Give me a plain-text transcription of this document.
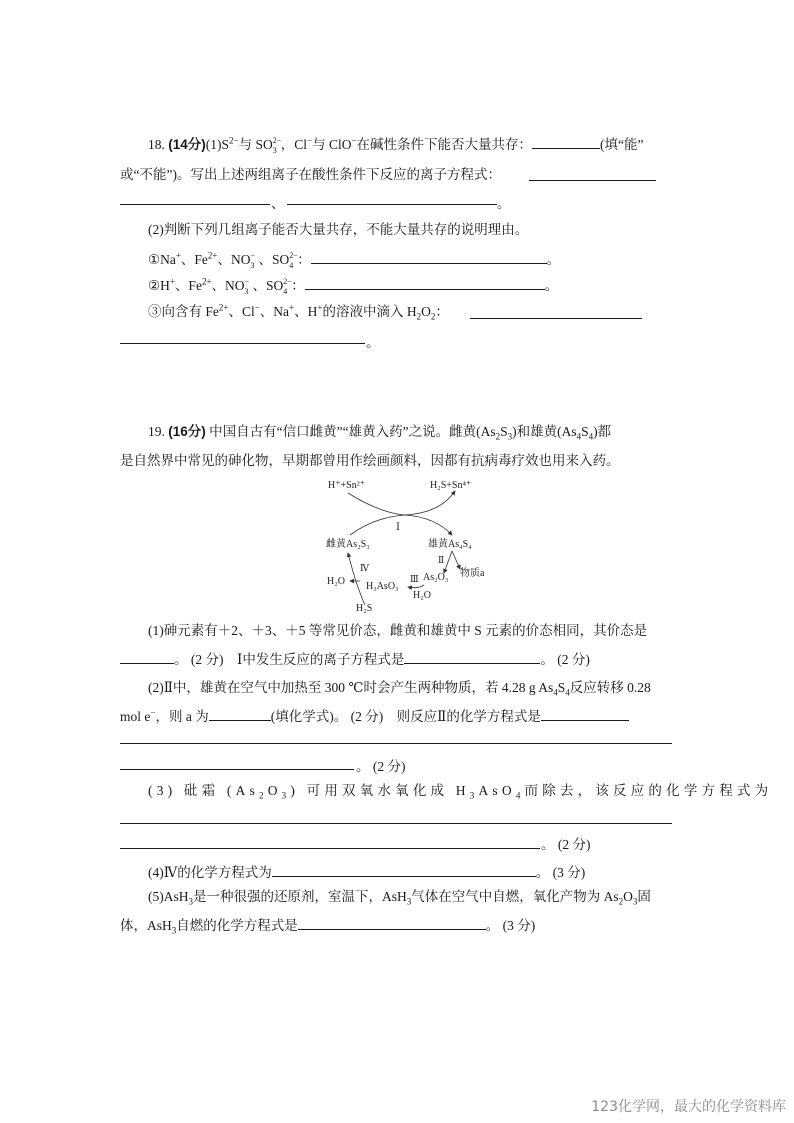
18. (14分)$(1)S^{2-}$与 SO 2−
3 ，Cl−与 ClO−在碱性条件下能否大量共存：	(填“能”
或“不能”)。写出上述两组离子在酸性条件下反应的离子方程式：
、	。
(2)判断下列几组离子能否大量共存，不能大量共存的说明理由。
①Na+、$Fe^{2+}$、NO −
3 、SO 2−
4 ：	。
②H+、$Fe^{2+}$、NO −
3 、SO 2−
4 ：	。
③向含有 $Fe^{2+}$、Cl−、Na+、H+的溶液中滴入 $H_2O_2$：
。
19. (16分) 中国自古有“信口雌黄”“雄黄入药”之说。雌黄$(As_2S_3)$和雄黄$(As_4S_4)$都
是自然界中常见的砷化物，早期都曾用作绘画颜料，因都有抗病毒疗效也用来入药。
H⁺+Sn²⁺	H₂S+Sn⁴⁺
Ⅰ
雌黄As₂S₃	雄黄As₄S₄
Ⅱ
As₂O₃ 物质a
Ⅲ
H₂O
H₃AsO₃
Ⅳ
H₂O
H₂S
(1)砷元素有＋2、＋3、＋5 等常见价态，雌黄和雄黄中 S 元素的价态相同，其价态是
。 (2 分)　Ⅰ中发生反应的离子方程式是	。 (2 分)
(2)Ⅱ中，雄黄在空气中加热至 300 ℃时会产生两种物质，若 4.28 g $As_4S_4$反应转移 0.28
mol e−，则 a 为	(填化学式)。 (2 分)　则反应Ⅱ的化学方程式是
。 (2 分)
(3) 砒霜 $(As_2O_3)$ 可用双氧水氧化成 $H_3AsO_4$而除去，该反应的化学方程式为
。 (2 分)
(4)Ⅳ的化学方程式为	。 (3 分)
(5)AsH$_3$是一种很强的还原剂，室温下，AsH$_3$气体在空气中自燃，氧化产物为 $As_2O_3$固
体，AsH$_3$自燃的化学方程式是	。 (3 分)
123化学网，最大的化学资料库
